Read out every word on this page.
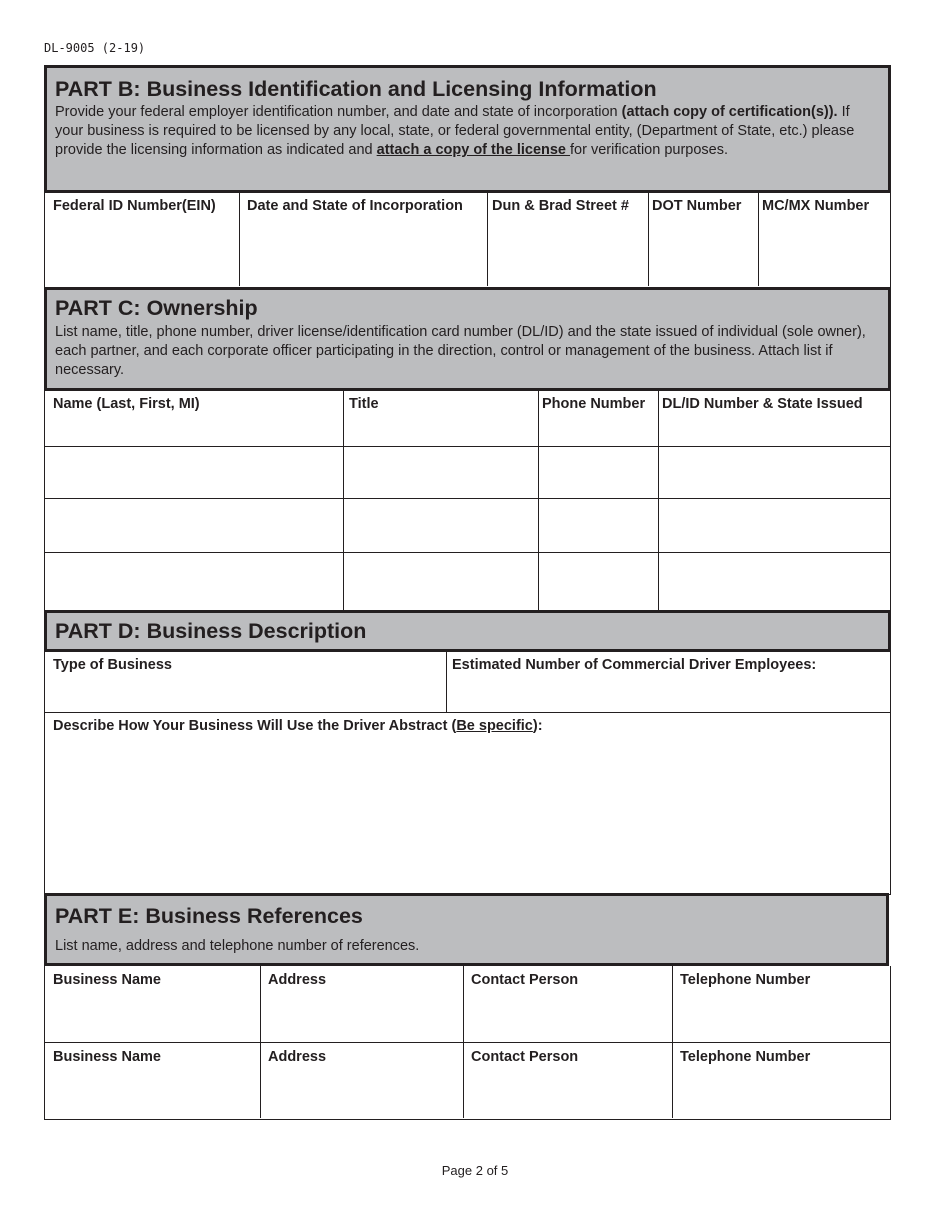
DL-9005 (2-19)
PART B: Business Identification and Licensing Information

Provide your federal employer identification number, and date and state of incorporation (attach copy of certification(s)). If your business is required to be licensed by any local, state, or federal governmental entity, (Department of State, etc.) please provide the licensing information as indicated and attach a copy of the license for verification purposes.

Federal ID Number(EIN)	Date and State of Incorporation	Dun & Brad Street #	DOT Number	MC/MX Number
PART C: Ownership

List name, title, phone number, driver license/identification card number (DL/ID) and the state issued of individual (sole owner), each partner, and each corporate officer participating in the direction, control or management of the business. Attach list if necessary.

Name (Last, First, MI)	Title	Phone Number	DL/ID Number & State Issued
PART D: Business Description
Type of Business	Estimated Number of Commercial Driver Employees:
Describe How Your Business Will Use the Driver Abstract (Be specific):
PART E: Business References

List name, address and telephone number of references.

Business Name	Address	Contact Person	Telephone Number
Business Name	Address	Contact Person	Telephone Number
Page 2 of 5
